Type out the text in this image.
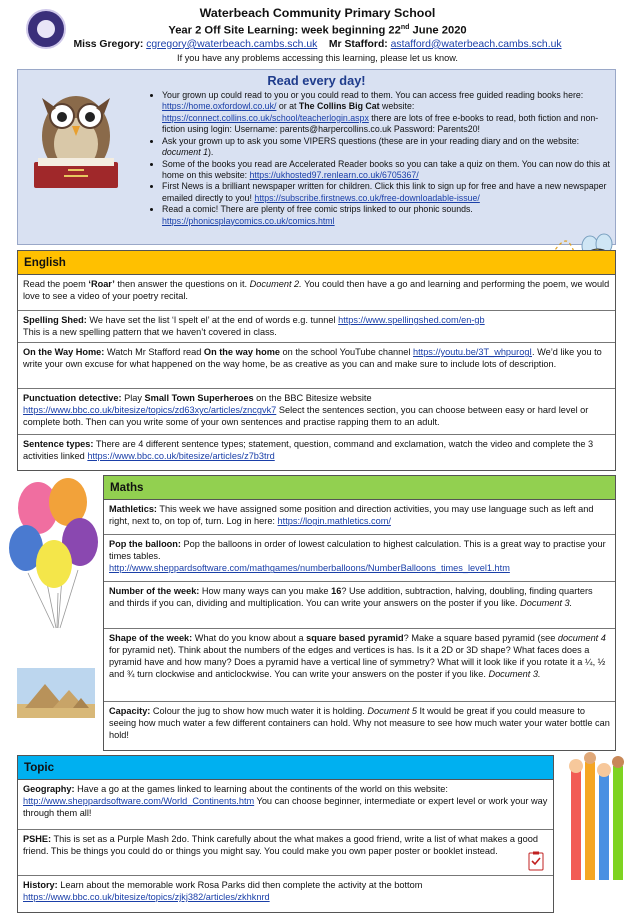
Waterbeach Community Primary School
Year 2 Off Site Learning: week beginning 22nd June 2020
Miss Gregory: cgregory@waterbeach.cambs.sch.uk Mr Stafford: astafford@waterbeach.cambs.sch.uk
If you have any problems accessing this learning, please let us know.
Read every day!
• Your grown up could read to you or you could read to them. You can access free guided reading books here: https://home.oxfordowl.co.uk/ or at The Collins Big Cat website: https://connect.collins.co.uk/school/teacherlogin.aspx there are lots of free e-books to read, both fiction and non-fiction using login: Username: parents@harpercollins.co.uk Password: Parents20!
• Ask your grown up to ask you some VIPERS questions (these are in your reading diary and on the website: document 1).
• Some of the books you read are Accelerated Reader books so you can take a quiz on them. You can now do this at home on this website: https://ukhosted97.renlearn.co.uk/6705367/
• First News is a brilliant newspaper written for children. Click this link to sign up for free and have a new newspaper emailed directly to you! https://subscribe.firstnews.co.uk/free-downloadable-issue/
• Read a comic! There are plenty of free comic strips linked to our phonic sounds. https://phonicsplaycomics.co.uk/comics.html
English
Read the poem ‘Roar’ then answer the questions on it. Document 2. You could then have a go and learning and performing the poem, we would love to see a video of your poetry recital.
Spelling Shed: We have set the list ‘l spelt el’ at the end of words e.g. tunnel https://www.spellingshed.com/en-gb
This is a new spelling pattern that we haven’t covered in class.
On the Way Home: Watch Mr Stafford read On the way home on the school YouTube channel https://youtu.be/3T_whpurogI. We’d like you to write your own excuse for what happened on the way home, be as creative as you can and make sure to include lots of description.
Punctuation detective: Play Small Town Superheroes on the BBC Bitesize website https://www.bbc.co.uk/bitesize/topics/zd63xyc/articles/zncgvk7 Select the sentences section, you can choose between easy or hard level or complete both. Then can you write some of your own sentences and practise rapping them to an adult.
Sentence types: There are 4 different sentence types; statement, question, command and exclamation, watch the video and complete the 3 activities linked https://www.bbc.co.uk/bitesize/articles/z7b3trd
Maths
Mathletics: This week we have assigned some position and direction activities, you may use language such as left and right, next to, on top of, turn. Log in here: https://login.mathletics.com/
Pop the balloon: Pop the balloons in order of lowest calculation to highest calculation. This is a great way to practise your times tables.
http://www.sheppardsoftware.com/mathgames/numberballoons/NumberBalloons_times_level1.htm
Number of the week: How many ways can you make 16? Use addition, subtraction, halving, doubling, finding quarters and thirds if you can, dividing and multiplication. You can write your answers on the poster if you like. Document 3.
Shape of the week: What do you know about a square based pyramid? Make a square based pyramid (see document 4 for pyramid net). Think about the numbers of the edges and vertices is has. Is it a 2D or 3D shape? What faces does a pyramid have and how many? Does a pyramid have a vertical line of symmetry? What will it look like if you rotate it a ¼, ½ and ¾ turn clockwise and anticlockwise. You can write your answers on the poster if you like. Document 3.
Capacity: Colour the jug to show how much water it is holding. Document 5 It would be great if you could measure to seeing how much water a few different containers can hold. Why not measure to see how much water your water bottle can hold!
Topic
Geography: Have a go at the games linked to learning about the continents of the world on this website: http://www.sheppardsoftware.com/World_Continents.htm You can choose beginner, intermediate or expert level or work your way through them all!
PSHE: This is set as a Purple Mash 2do. Think carefully about the what makes a good friend, write a list of what makes a good friend. This be things you could do or things you might say. You could make you own paper poster or booklet instead.
History: Learn about the memorable work Rosa Parks did then complete the activity at the bottom
https://www.bbc.co.uk/bitesize/topics/zjkj382/articles/zkhknrd
